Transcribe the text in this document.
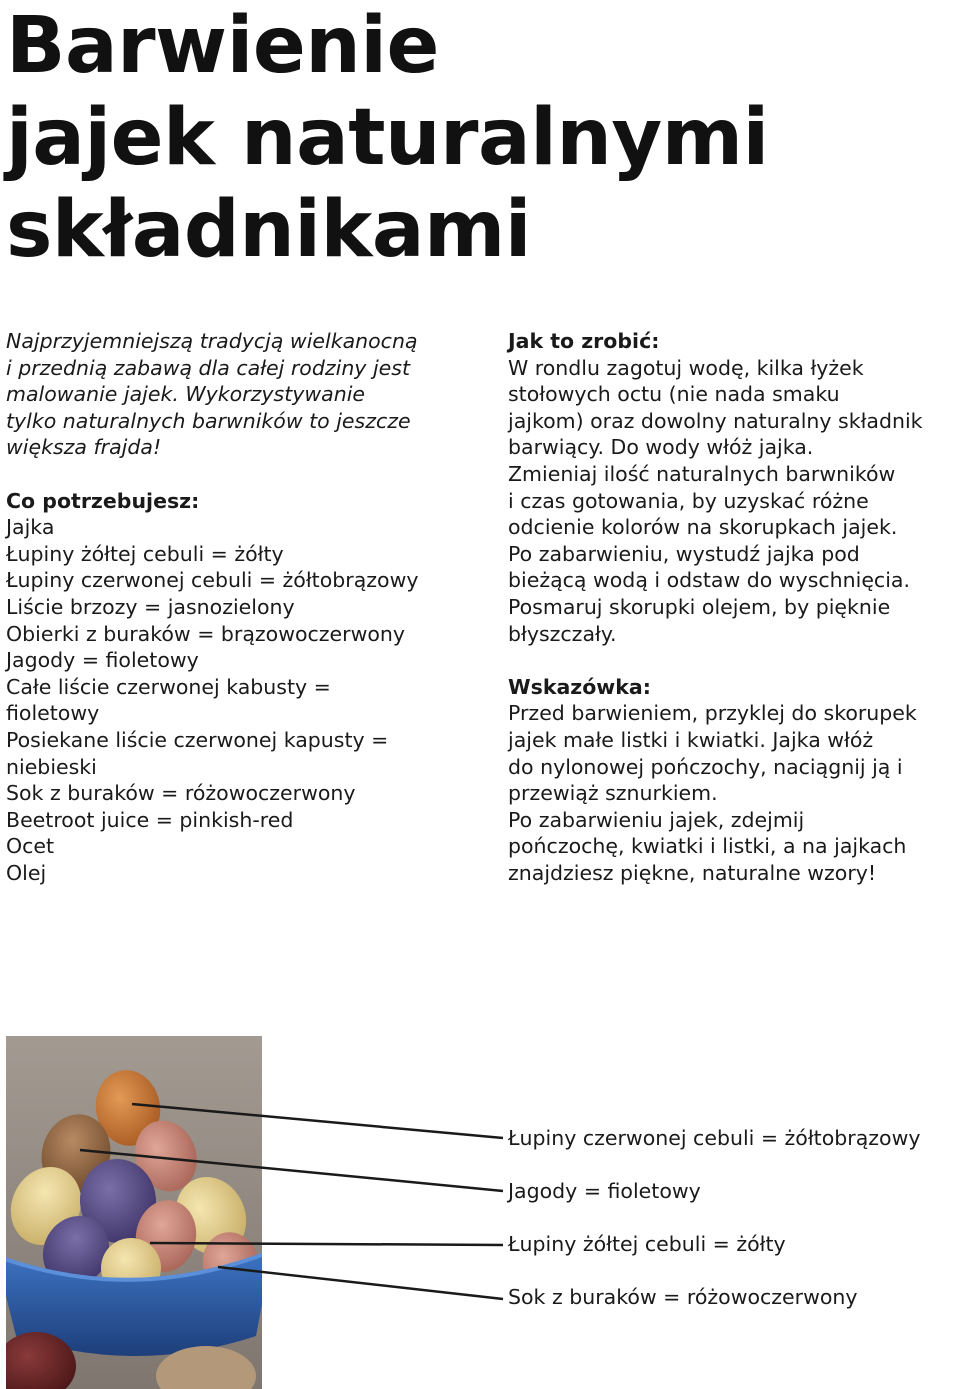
Barwienie
jajek naturalnymi
składnikami

Najprzyjemniejszą tradycją wielkanocną
i przednią zabawą dla całej rodziny jest
malowanie jajek. Wykorzystywanie
tylko naturalnych barwników to jeszcze
większa frajda!

Co potrzebujesz:
Jajka
Łupiny żółtej cebuli = żółty
Łupiny czerwonej cebuli = żółtobrązowy
Liście brzozy = jasnozielony
Obierki z buraków = brązowoczerwony
Jagody = fioletowy
Całe liście czerwonej kabusty =
fioletowy
Posiekane liście czerwonej kapusty =
niebieski
Sok z buraków = różowoczerwony
Beetroot juice = pinkish-red
Ocet
Olej
Jak to zrobić:
W rondlu zagotuj wodę, kilka łyżek
stołowych octu (nie nada smaku
jajkom) oraz dowolny naturalny składnik
barwiący. Do wody włóż jajka.
Zmieniaj ilość naturalnych barwników
i czas gotowania, by uzyskać różne
odcienie kolorów na skorupkach jajek.
Po zabarwieniu, wystudź jajka pod
bieżącą wodą i odstaw do wyschnięcia.
Posmaruj skorupki olejem, by pięknie
błyszczały.
Wskazówka:
Przed barwieniem, przyklej do skorupek
jajek małe listki i kwiatki. Jajka włóż
do nylonowej pończochy, naciągnij ją i
przewiąż sznurkiem.
Po zabarwieniu jajek, zdejmij
pończochę, kwiatki i listki, a na jajkach
znajdziesz piękne, naturalne wzory!
Łupiny czerwonej cebuli = żółtobrązowy
Jagody = fioletowy
Łupiny żółtej cebuli = żółty
Sok z buraków = różowoczerwony
